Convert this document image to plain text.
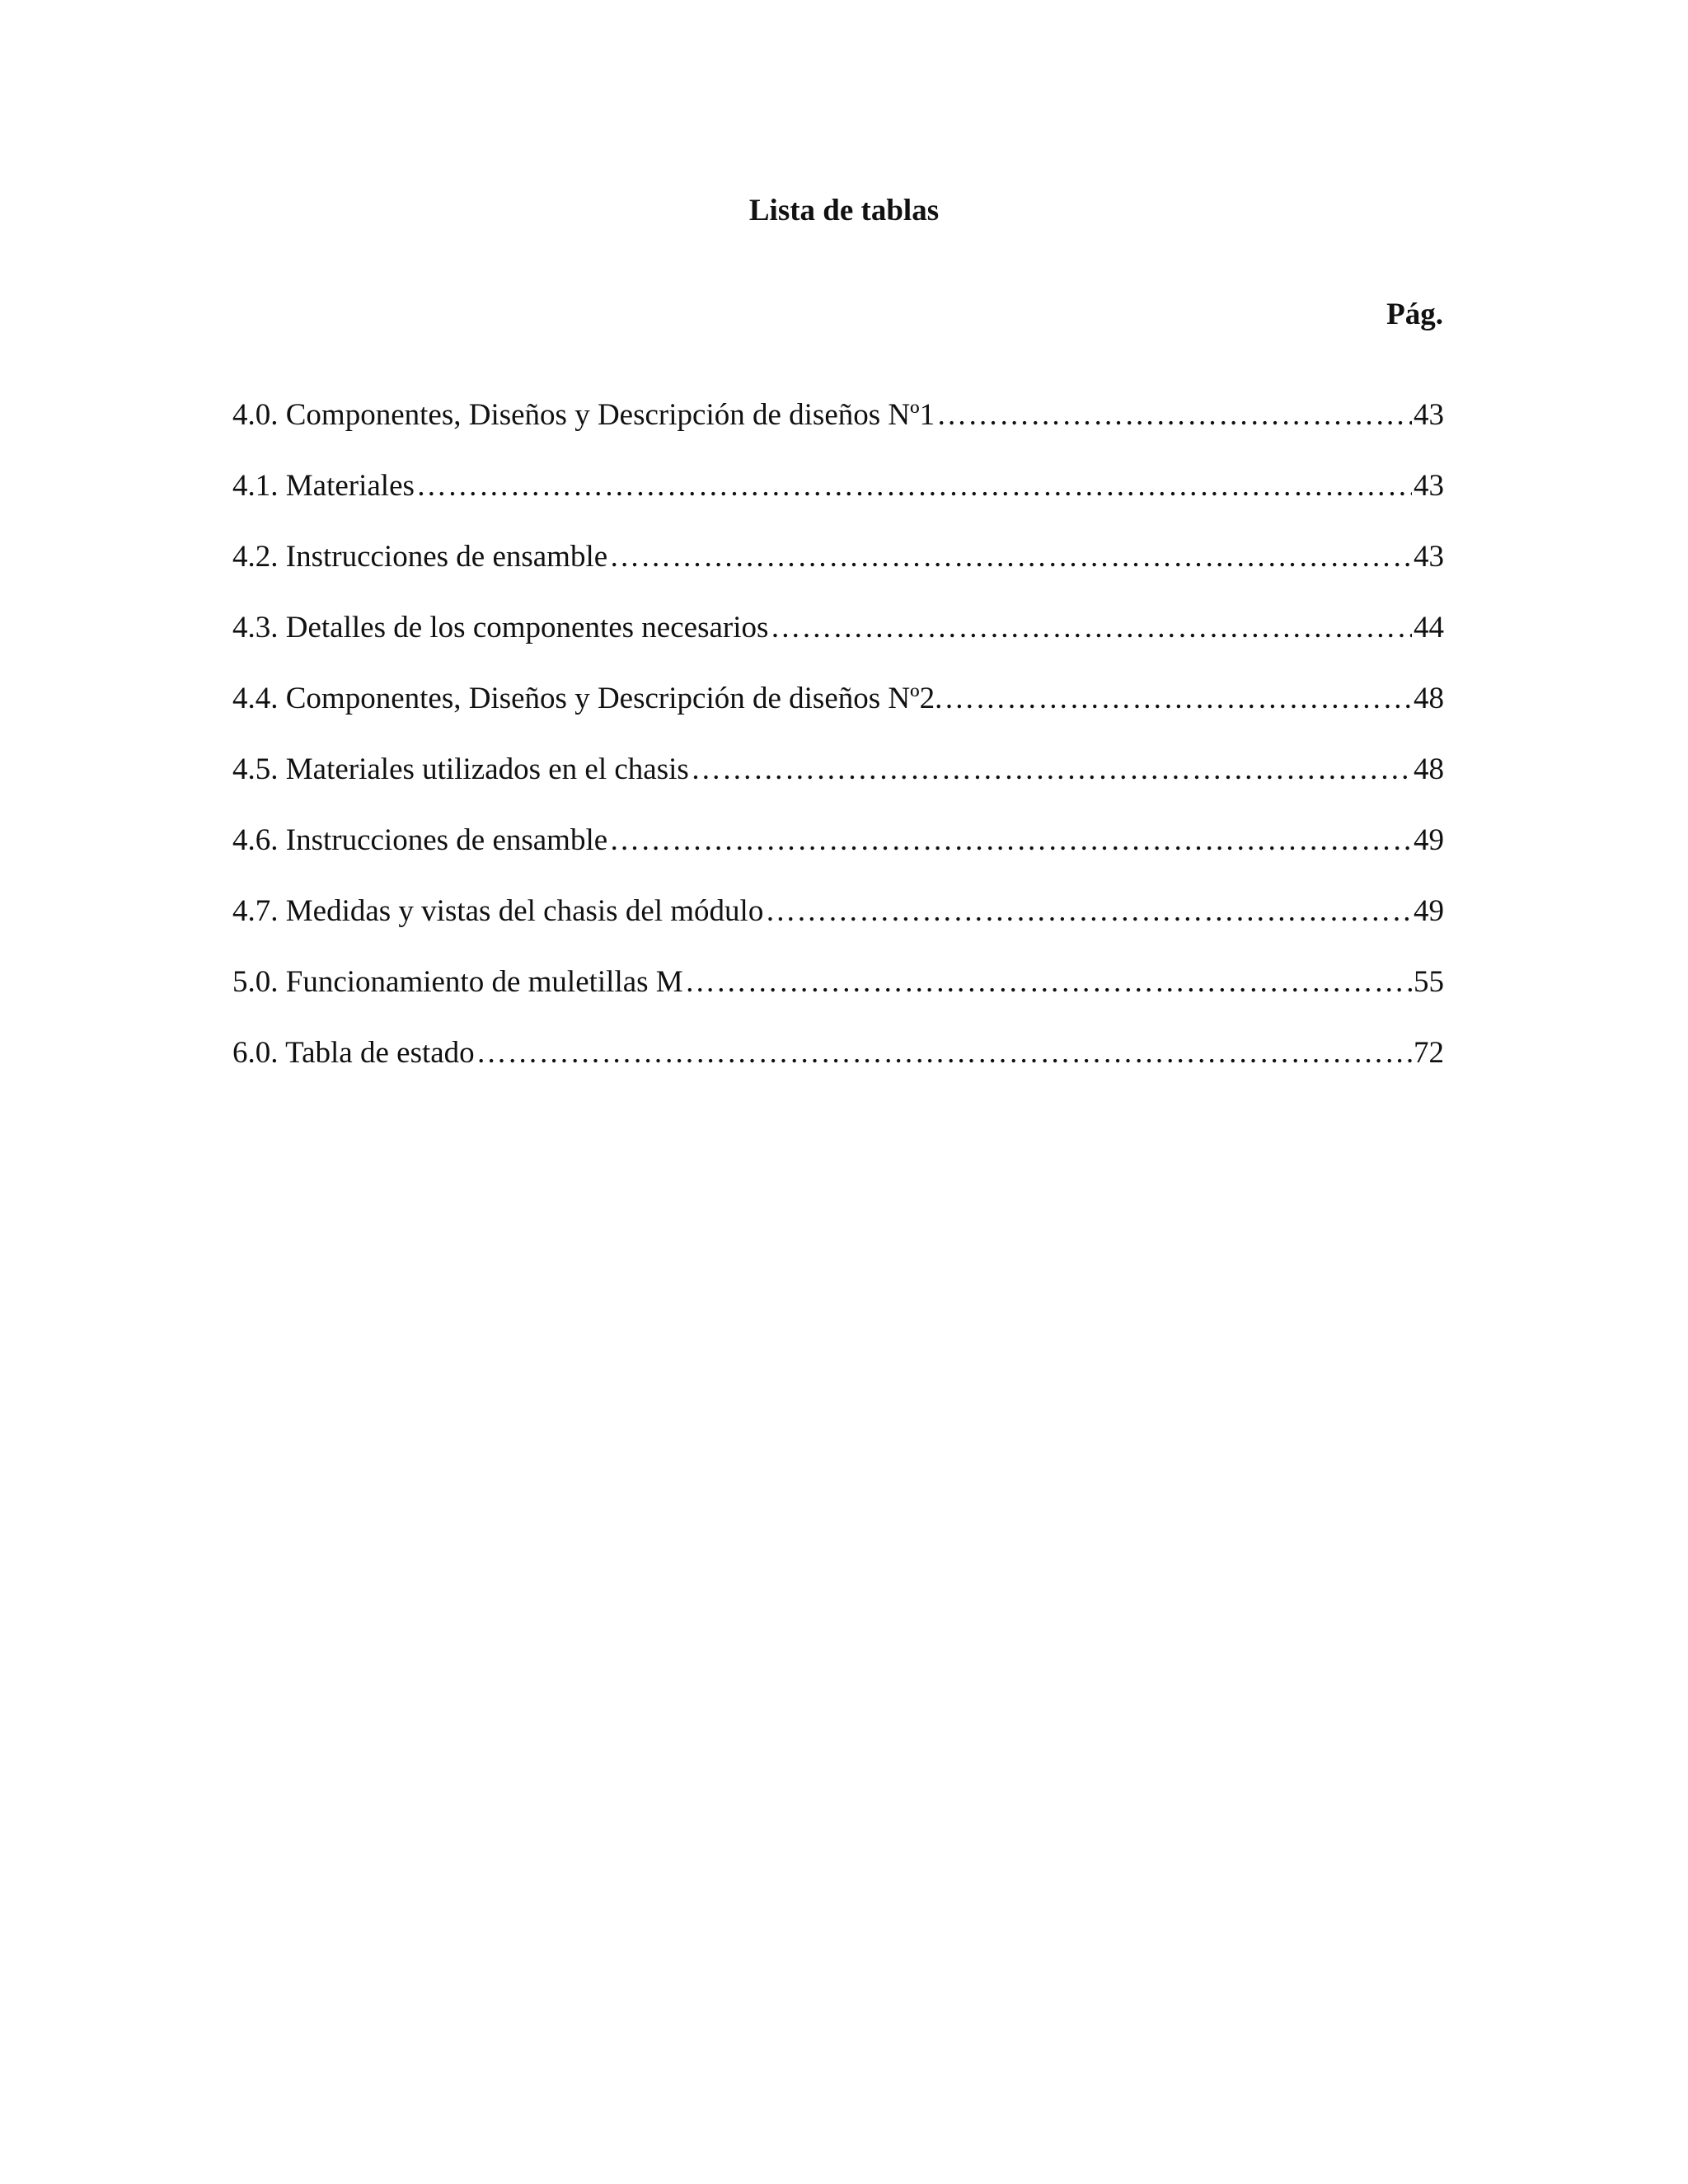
Lista de tablas
Pág.
4.0. Componentes, Diseños y Descripción de diseños Nº1 …………………………………………………………………………………………………………………………………………………………………………………………	43
4.1. Materiales …………………………………………………………………………………………………………………………………………………………………………………………	43
4.2. Instrucciones de ensamble …………………………………………………………………………………………………………………………………………………………………………………………	43
4.3. Detalles de los componentes necesarios …………………………………………………………………………………………………………………………………………………………………………………………	44
4.4. Componentes, Diseños y Descripción de diseños Nº2. …………………………………………………………………………………………………………………………………………………………………………………………	48
4.5. Materiales utilizados en el chasis …………………………………………………………………………………………………………………………………………………………………………………………	48
4.6. Instrucciones de ensamble …………………………………………………………………………………………………………………………………………………………………………………………	49
4.7. Medidas y vistas del chasis del módulo …………………………………………………………………………………………………………………………………………………………………………………………	49
5.0. Funcionamiento de muletillas M …………………………………………………………………………………………………………………………………………………………………………………………	55
6.0. Tabla de estado …………………………………………………………………………………………………………………………………………………………………………………………	72
